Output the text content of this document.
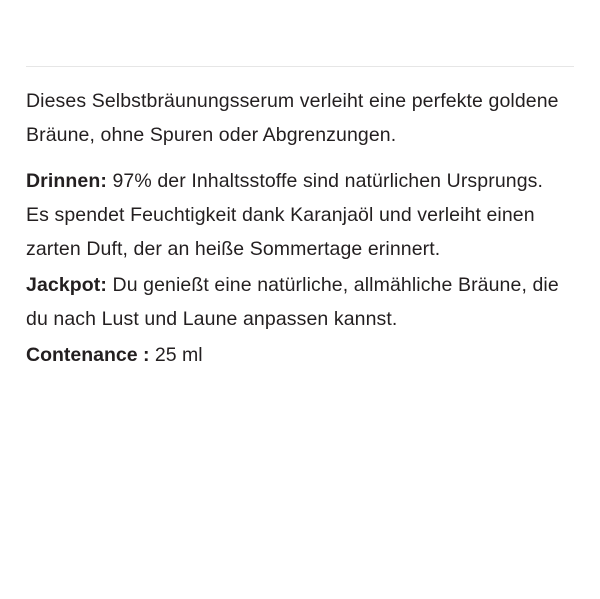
Dieses Selbstbräunungsserum verleiht eine perfekte goldene Bräune, ohne Spuren oder Abgrenzungen.

Drinnen: 97% der Inhaltsstoffe sind natürlichen Ursprungs. Es spendet Feuchtigkeit dank Karanjaöl und verleiht einen zarten Duft, der an heiße Sommertage erinnert.

Jackpot: Du genießt eine natürliche, allmähliche Bräune, die du nach Lust und Laune anpassen kannst.

Contenance : 25 ml
